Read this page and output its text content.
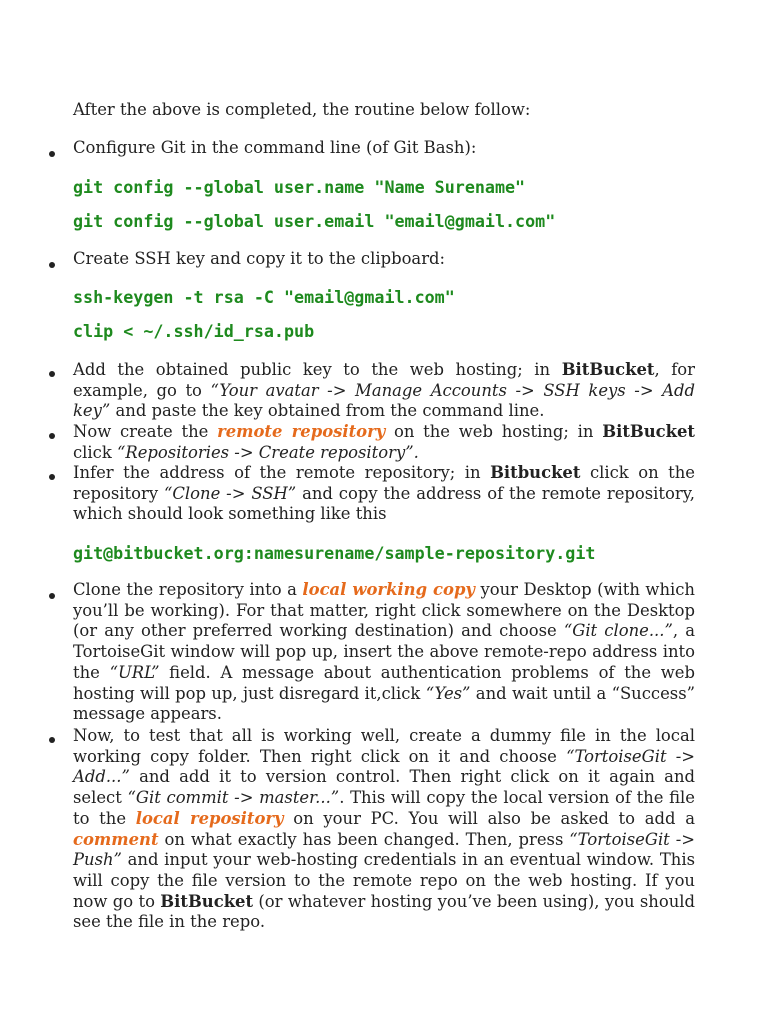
After the above is completed, the routine below follow:

Configure Git in the command line (of Git Bash):

git config --global user.name "Name Surename"
git config --global user.email "email@gmail.com"

Create SSH key and copy it to the clipboard:

ssh-keygen -t rsa -C "email@gmail.com"
clip < ~/.ssh/id_rsa.pub

Add the obtained public key to the web hosting; in BitBucket, for example, go to “Your avatar -> Manage Accounts -> SSH keys -> Add key” and paste the key obtained from the command line.

Now create the remote repository on the web hosting; in BitBucket click “Repositories -> Create repository”.

Infer the address of the remote repository; in Bitbucket click on the repository “Clone -> SSH” and copy the address of the remote repository, which should look something like this

git@bitbucket.org:namesurename/sample-repository.git

Clone the repository into a local working copy your Desktop (with which you’ll be working). For that matter, right click somewhere on the Desktop (or any other preferred working destination) and choose “Git clone...”, a TortoiseGit window will pop up, insert the above remote-repo address into the “URL” field. A message about authentication problems of the web hosting will pop up, just disregard it,click “Yes” and wait until a “Success” message appears.

Now, to test that all is working well, create a dummy file in the local working copy folder. Then right click on it and choose “TortoiseGit -> Add...” and add it to version control. Then right click on it again and select “Git commit -> master...”. This will copy the local version of the file to the local repository on your PC. You will also be asked to add a comment on what exactly has been changed. Then, press “TortoiseGit -> Push” and input your web-hosting credentials in an eventual window. This will copy the file version to the remote repo on the web hosting. If you now go to BitBucket (or whatever hosting you’ve been using), you should see the file in the repo.
